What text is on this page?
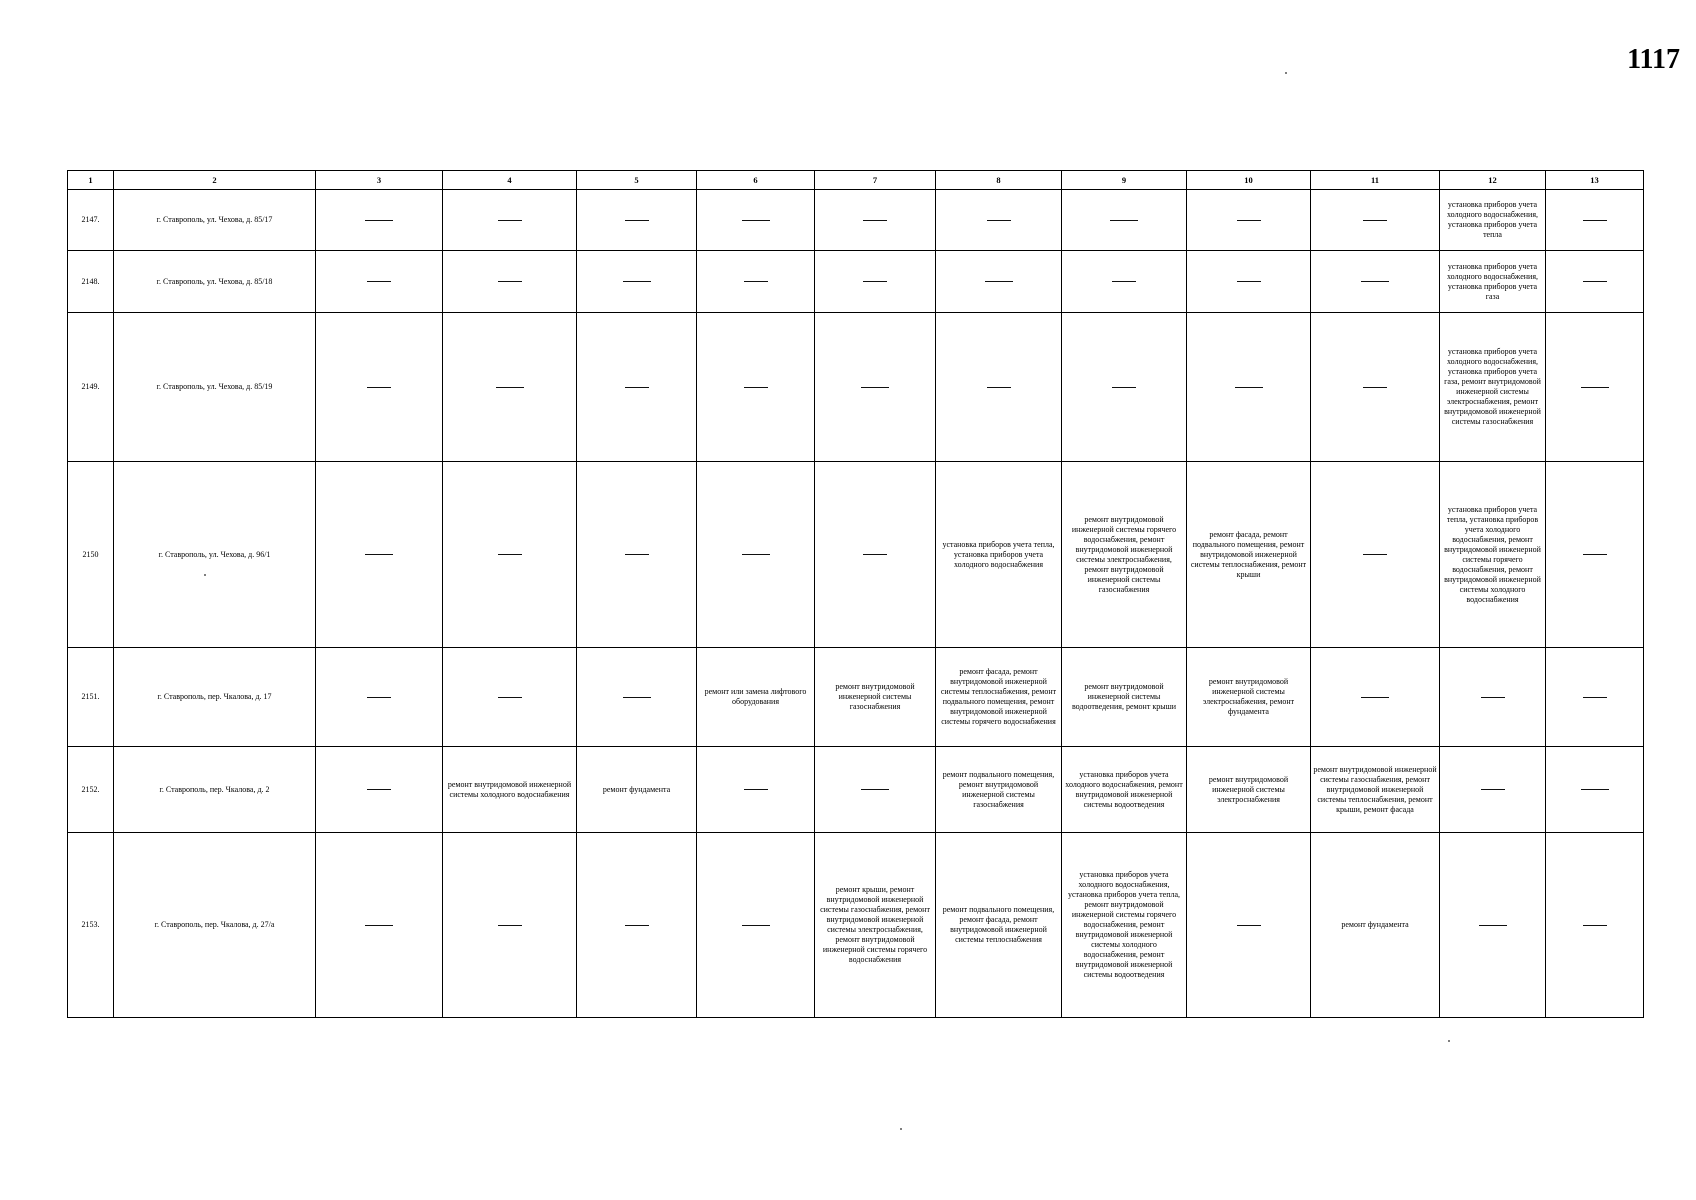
1117
1	2	3	4	5	6	7	8	9	10	11	12	13
2147.	г. Ставрополь, ул. Чехова, д. 85/17										установка приборов учета холодного водоснабжения, установка приборов учета тепла	
2148.	г. Ставрополь, ул. Чехова, д. 85/18										установка приборов учета холодного водоснабжения, установка приборов учета газа	
2149.	г. Ставрополь, ул. Чехова, д. 85/19										установка приборов учета холодного водоснабжения, установка приборов учета газа, ремонт внутридомовой инженерной системы электроснабжения, ремонт внутридомовой инженерной системы газоснабжения	
2150	г. Ставрополь, ул. Чехова, д. 96/1						установка приборов учета тепла, установка приборов учета холодного водоснабжения	ремонт внутридомовой инженерной системы горячего водоснабжения, ремонт внутридомовой инженерной системы электроснабжения, ремонт внутридомовой инженерной системы газоснабжения	ремонт фасада, ремонт подвального помещения, ремонт внутридомовой инженерной системы теплоснабжения, ремонт крыши		установка приборов учета тепла, установка приборов учета холодного водоснабжения, ремонт внутридомовой инженерной системы горячего водоснабжения, ремонт внутридомовой инженерной системы холодного водоснабжения	
2151.	г. Ставрополь, пер. Чкалова, д. 17				ремонт или замена лифтового оборудования	ремонт внутридомовой инженерной системы газоснабжения	ремонт фасада, ремонт внутридомовой инженерной системы теплоснабжения, ремонт подвального помещения, ремонт внутридомовой инженерной системы горячего водоснабжения	ремонт внутридомовой инженерной системы водоотведения, ремонт крыши	ремонт внутридомовой инженерной системы электроснабжения, ремонт фундамента			
2152.	г. Ставрополь, пер. Чкалова, д. 2		ремонт внутридомовой инженерной системы холодного водоснабжения	ремонт фундамента			ремонт подвального помещения, ремонт внутридомовой инженерной системы газоснабжения	установка приборов учета холодного водоснабжения, ремонт внутридомовой инженерной системы водоотведения	ремонт внутридомовой инженерной системы электроснабжения	ремонт внутридомовой инженерной системы газоснабжения, ремонт внутридомовой инженерной системы теплоснабжения, ремонт крыши, ремонт фасада		
2153.	г. Ставрополь, пер. Чкалова, д. 27/а					ремонт крыши, ремонт внутридомовой инженерной системы газоснабжения, ремонт внутридомовой инженерной системы электроснабжения, ремонт внутридомовой инженерной системы горячего водоснабжения	ремонт подвального помещения, ремонт фасада, ремонт внутридомовой инженерной системы теплоснабжения	установка приборов учета холодного водоснабжения, установка приборов учета тепла, ремонт внутридомовой инженерной системы горячего водоснабжения, ремонт внутридомовой инженерной системы холодного водоснабжения, ремонт внутридомовой инженерной системы водоотведения		ремонт фундамента		
